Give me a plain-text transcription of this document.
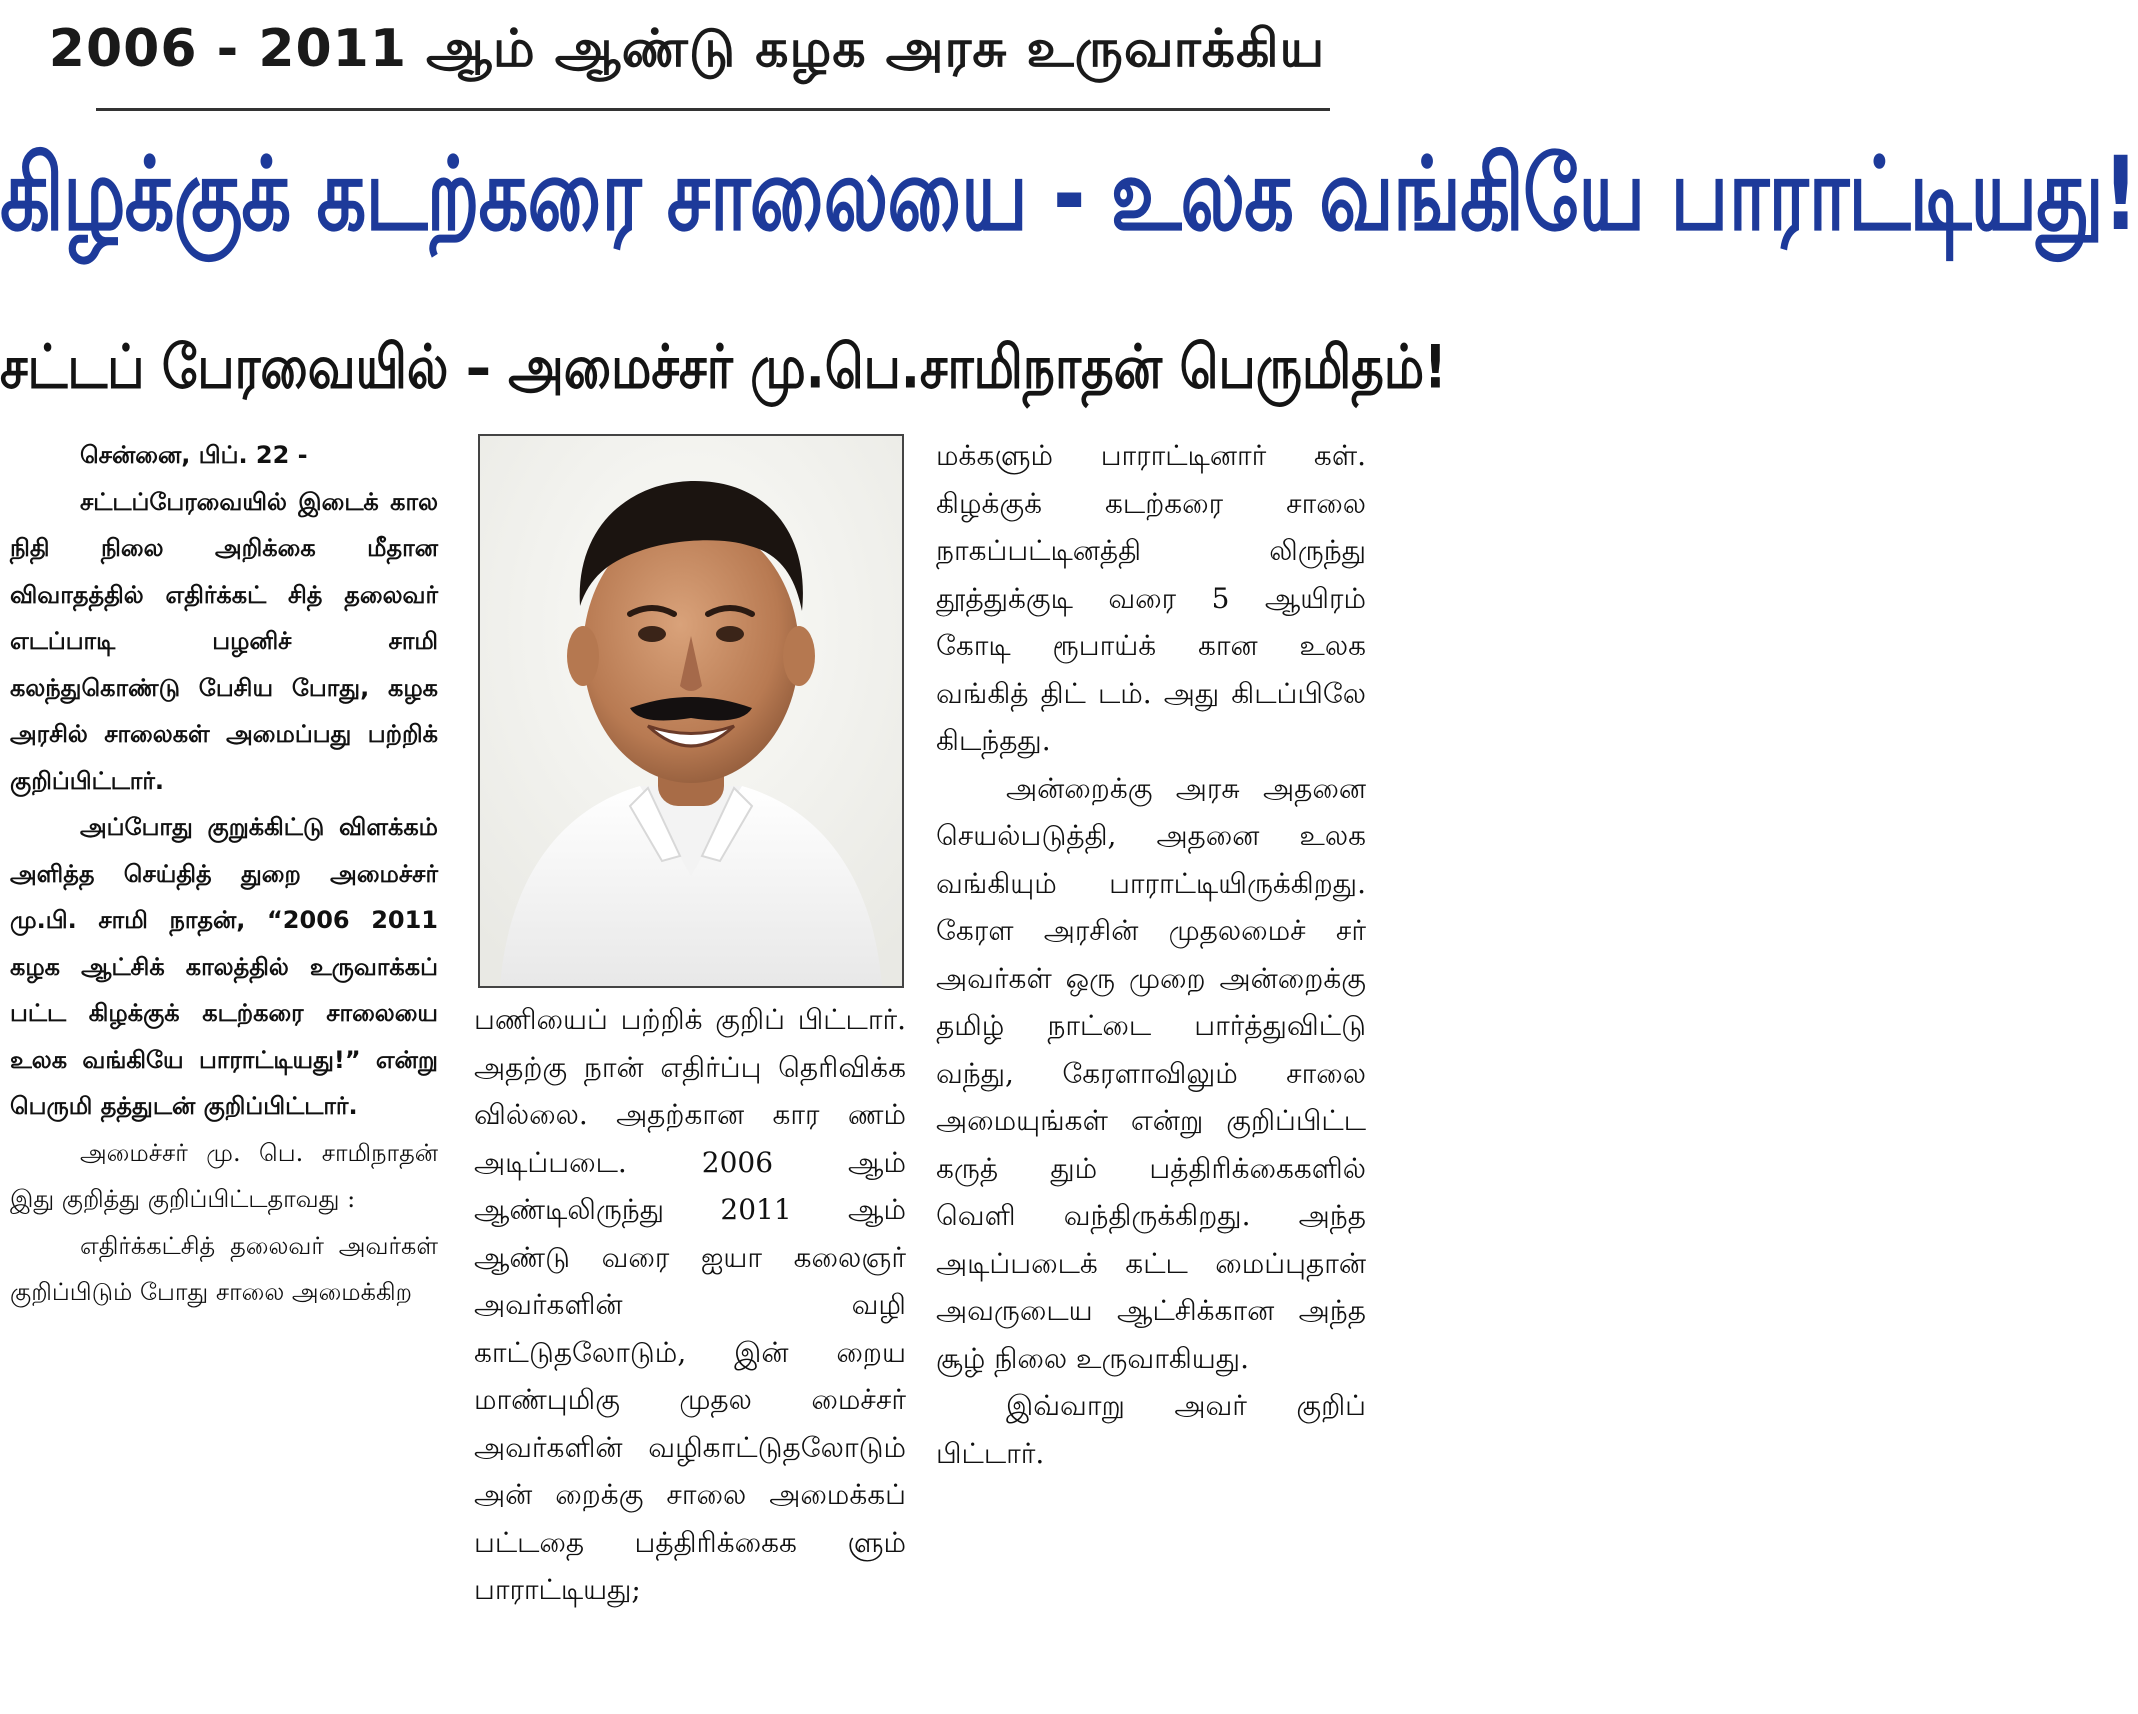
2006 - 2011 ஆம் ஆண்டு கழக அரசு உருவாக்கிய
கிழக்குக் கடற்கரை சாலையை - உலக வங்கியே பாராட்டியது!
சட்டப் பேரவையில் – அமைச்சர் மு.பெ.சாமிநாதன் பெருமிதம்!

சென்னை, பிப். 22 -

சட்டப்பேரவையில் இடைக் கால நிதி நிலை அறிக்கை மீதான விவாதத்தில் எதிர்க்கட் சித் தலைவர் எடப்பாடி பழனிச் சாமி கலந்துகொண்டு பேசிய போது, கழக அரசில் சாலைகள் அமைப்பது பற்றிக் குறிப்பிட்டார்.

அப்போது குறுக்கிட்டு விளக்கம் அளித்த செய்தித் துறை அமைச்சர் மு.பி. சாமி நாதன், “2006 2011 கழக ஆட்சிக் காலத்தில் உருவாக்கப் பட்ட கிழக்குக் கடற்கரை சாலையை உலக வங்கியே பாராட்டியது!” என்று பெருமி தத்துடன் குறிப்பிட்டார்.

அமைச்சர் மு. பெ. சாமிநாதன் இது குறித்து குறிப்பிட்டதாவது :

எதிர்க்கட்சித் தலைவர் அவர்கள் குறிப்பிடும் போது சாலை அமைக்கிற

பணியைப் பற்றிக் குறிப் பிட்டார். அதற்கு நான் எதிர்ப்பு தெரிவிக்க வில்லை. அதற்கான கார ணம் அடிப்படை. 2006 ஆம் ஆண்டிலிருந்து 2011 ஆம் ஆண்டு வரை ஐயா கலைஞர் அவர்களின் வழி காட்டுதலோடும், இன் றைய மாண்புமிகு முதல மைச்சர் அவர்களின் வழிகாட்டுதலோடும் அன் றைக்கு சாலை அமைக்கப் பட்டதை பத்திரிக்கைக ளும் பாராட்டியது;

மக்களும் பாராட்டினார் கள். கிழக்குக் கடற்கரை சாலை நாகப்பட்டினத்தி லிருந்து தூத்துக்குடி வரை 5 ஆயிரம் கோடி ரூபாய்க் கான உலக வங்கித் திட் டம். அது கிடப்பிலே கிடந்தது.

அன்றைக்கு அரசு அதனை செயல்படுத்தி, அதனை உலக வங்கியும் பாராட்டியிருக்கிறது. கேரள அரசின் முதலமைச் சர் அவர்கள் ஒரு முறை அன்றைக்கு தமிழ் நாட்டை பார்த்துவிட்டு வந்து, கேரளாவிலும் சாலை அமையுங்கள் என்று குறிப்பிட்ட கருத் தும் பத்திரிக்கைகளில் வெளி வந்திருக்கிறது. அந்த அடிப்படைக் கட்ட மைப்புதான் அவருடைய ஆட்சிக்கான அந்த சூழ் நிலை உருவாகியது.

இவ்வாறு அவர் குறிப் பிட்டார்.
